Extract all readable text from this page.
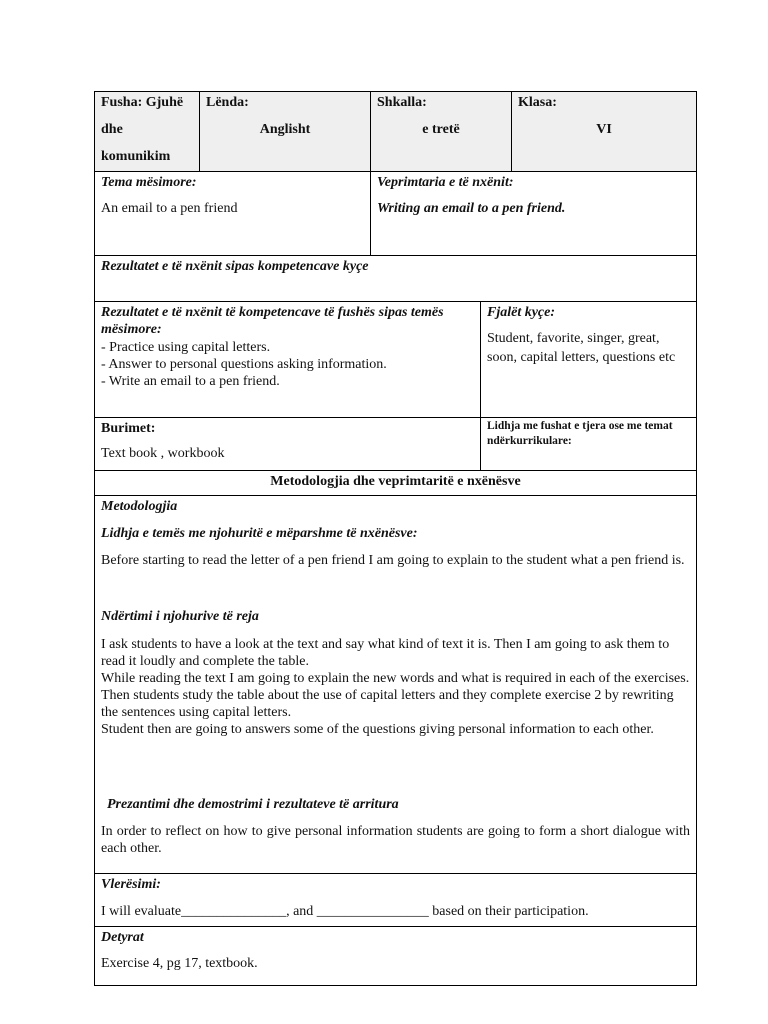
Fusha: Gjuhë

dhe

komunikim

Lënda:

Anglisht

Shkalla:

e tretë

Klasa:

VI

Tema mësimore:

An email to a pen friend

Veprimtaria e të nxënit:

Writing an email to a pen friend.

Rezultatet e të nxënit sipas kompetencave kyçe

Rezultatet e të nxënit të kompetencave të fushës sipas temës mësimore:

- Practice using capital letters.

- Answer to personal questions asking information.

- Write an email to a pen friend.

Fjalët kyçe:

Student, favorite, singer, great, soon, capital letters, questions etc

Burimet:

Text book , workbook

Lidhja me fushat e tjera ose me temat ndërkurrikulare:

Metodologjia dhe veprimtaritë e nxënësve

Metodologjia

Lidhja e temës me njohuritë e mëparshme të nxënësve:

Before starting to read the letter of a pen friend I am going to explain to the student what a pen friend is.

Ndërtimi i njohurive të reja

I ask students to have a look at the text and say what kind of text it is. Then I am going to ask them to read it loudly and complete the table.

While reading the text I am going to explain the new words and what is required in each of the exercises.

Then students study the table about the use of capital letters and they complete exercise 2 by rewriting the sentences using capital letters.

Student then are going to answers some of the questions giving personal information to each other.

Prezantimi dhe demostrimi i rezultateve të arritura

In order to reflect on how to give personal information students are going to form a short dialogue with each other.

Vlerësimi:

I will evaluate_______________, and ________________ based on their participation.

Detyrat

Exercise 4, pg 17, textbook.
